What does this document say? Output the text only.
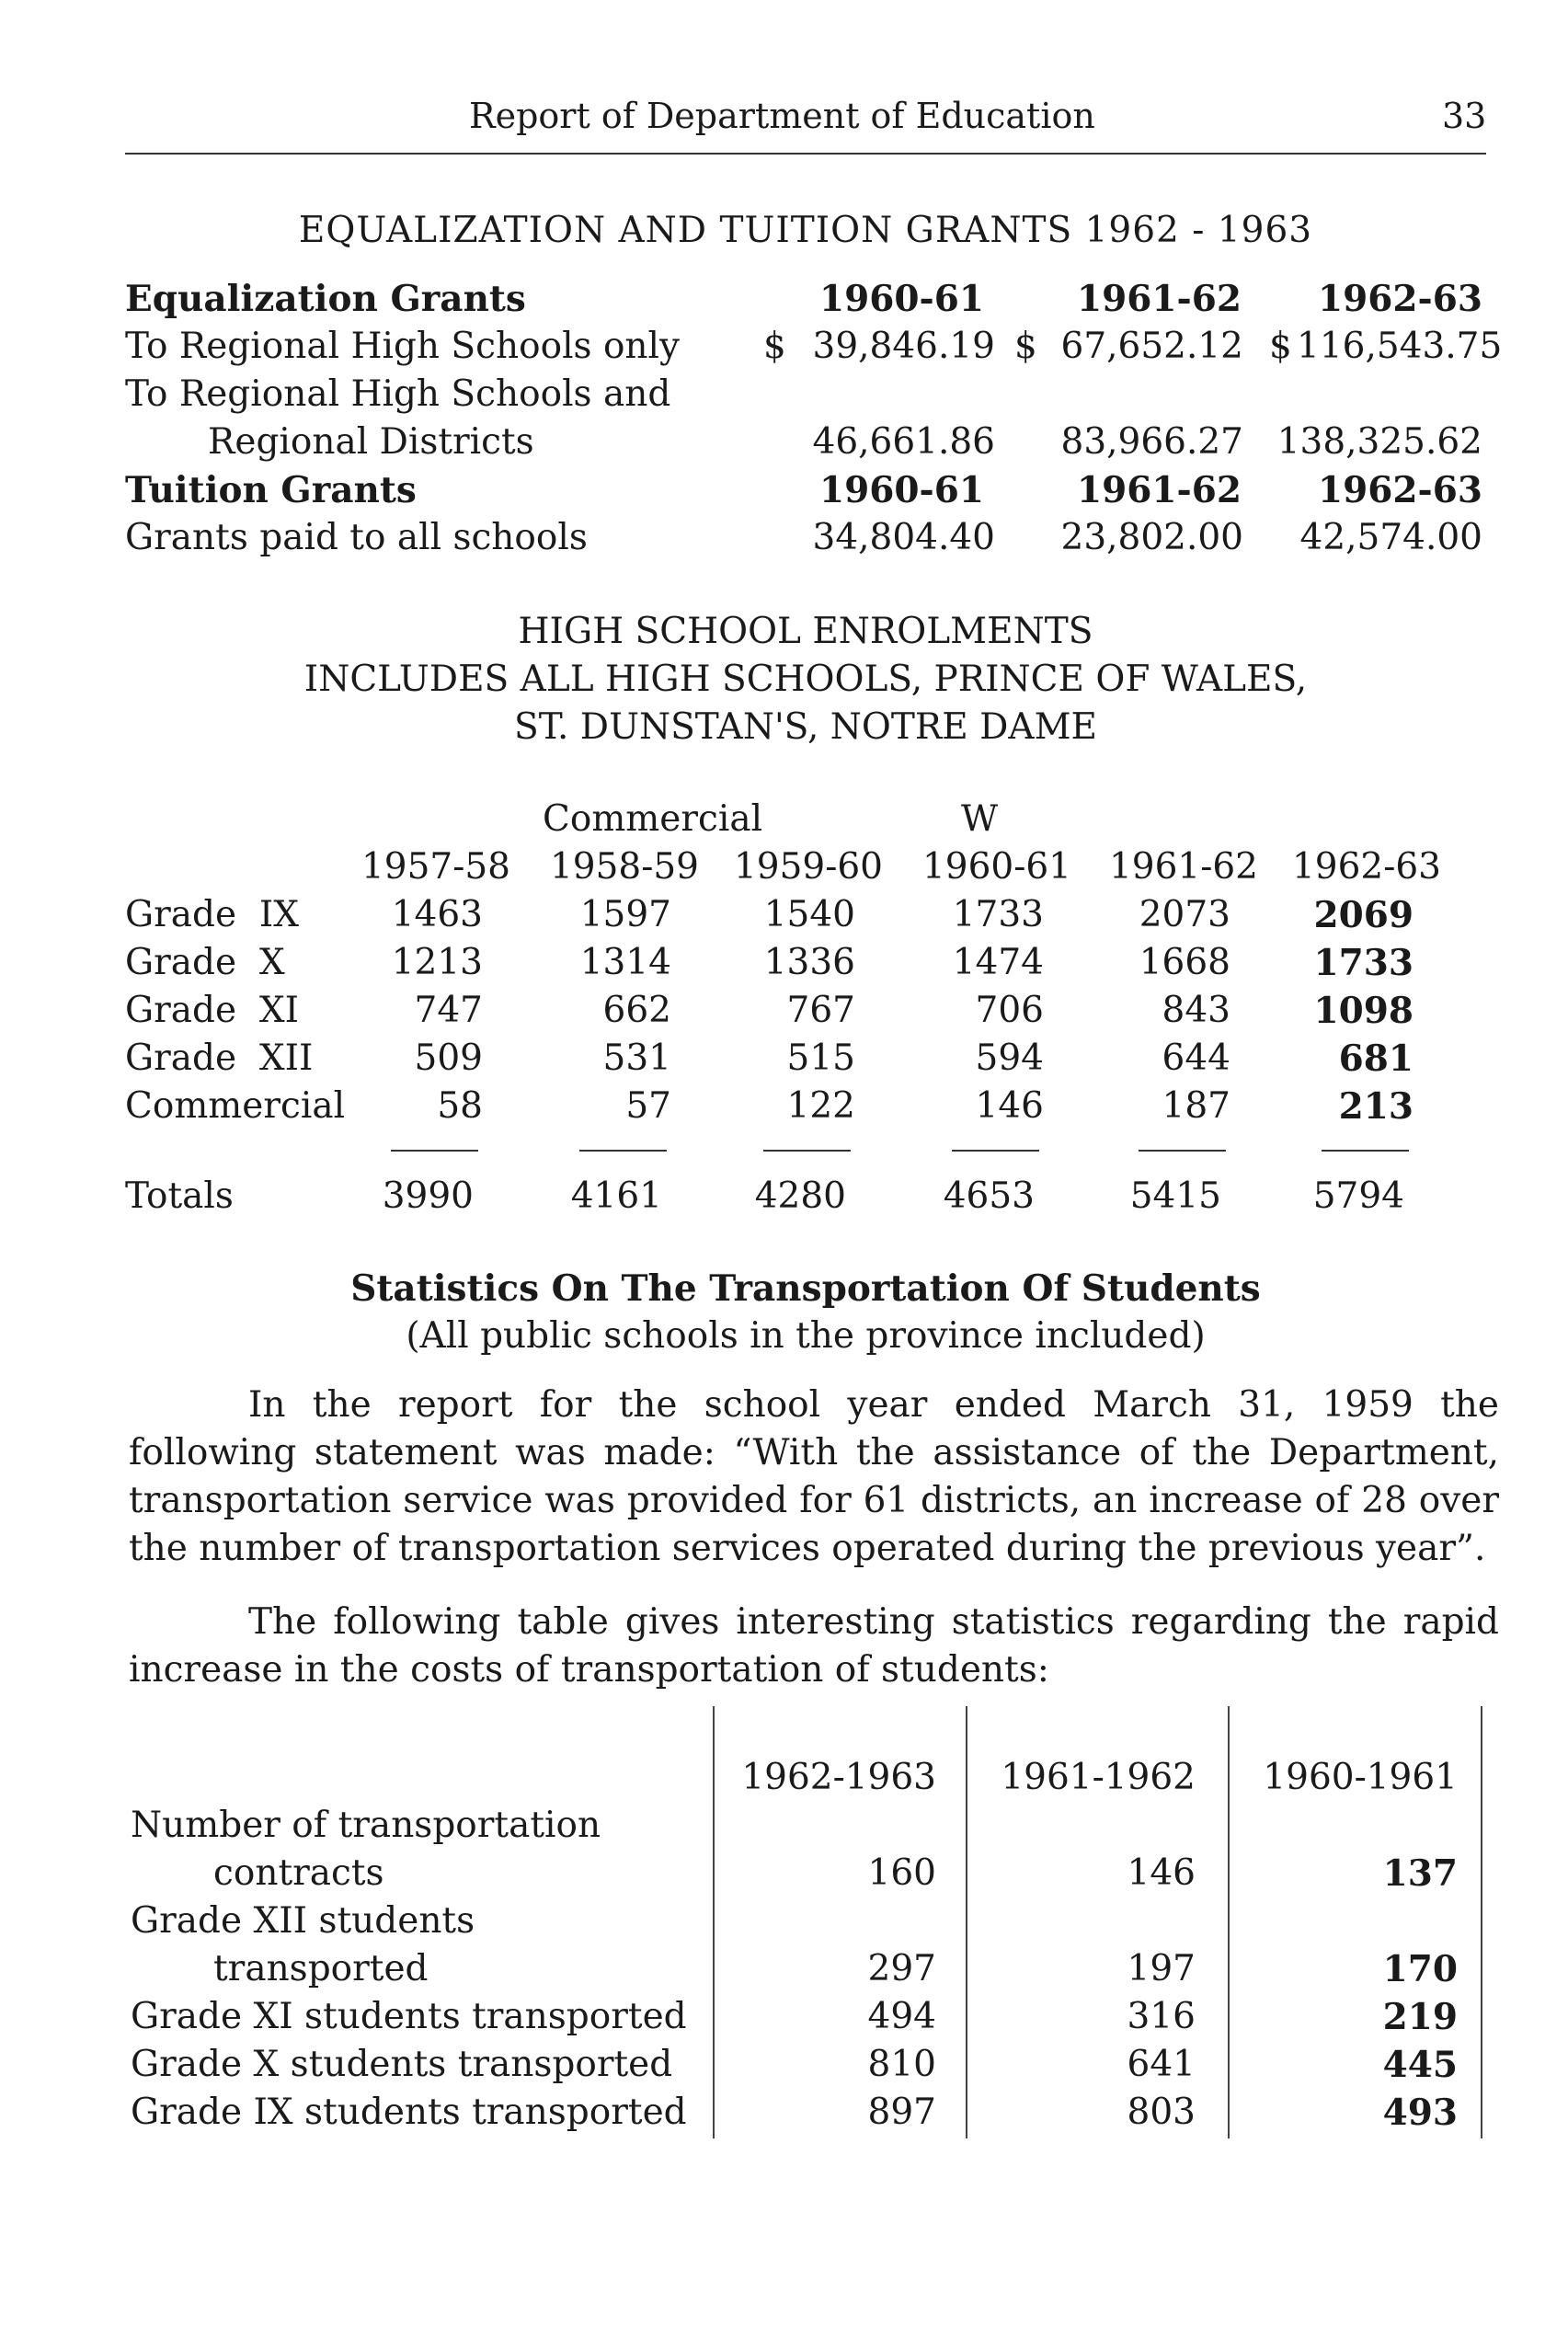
Report of Department of Education	33
EQUALIZATION AND TUITION GRANTS 1962 - 1963
Equalization Grants	1960-61	1961-62	1962-63
To Regional High Schools only $ 39,846.19 $ 67,652.12 $ 116,543.75
To Regional High Schools and
Regional Districts	46,661.86	83,966.27 138,325.62
Tuition Grants	1960-61	1961-62	1962-63
Grants paid to all schools	34,804.40	23,802.00	42,574.00
HIGH SCHOOL ENROLMENTS
INCLUDES ALL HIGH SCHOOLS, PRINCE OF WALES,
ST. DUNSTAN'S, NOTRE DAME
Commercial	W
1957-58	1958-59 1959-60	1960-61	1961-62 1962-63
Grade  IX	1463	1597	1540	1733	2073	2069
Grade  X	1213	1314	1336	1474	1668	1733
Grade  XI	747	662	767	706	843	1098
Grade  XII	509	531	515	594	644	681
Commercial	58	57	122	146	187	213
Totals	3990	4161	4280	4653	5415	5794
Statistics On The Transportation Of Students
(All public schools in the province included)
In the report for the school year ended March 31, 1959 the following statement was made: “With the assistance of the Department, transportation service was provided for 61 districts, an increase of 28 over the number of transportation services operated during the previous year”.
The following table gives interesting statistics regarding the rapid increase in the costs of transportation of students:
1962-1963	1961-1962	1960-1961
Number of transportation
contracts	160	146	137
Grade XII students
transported	297	197	170
Grade XI students transported	494	316	219
Grade X students transported	810	641	445
Grade IX students transported	897	803	493
